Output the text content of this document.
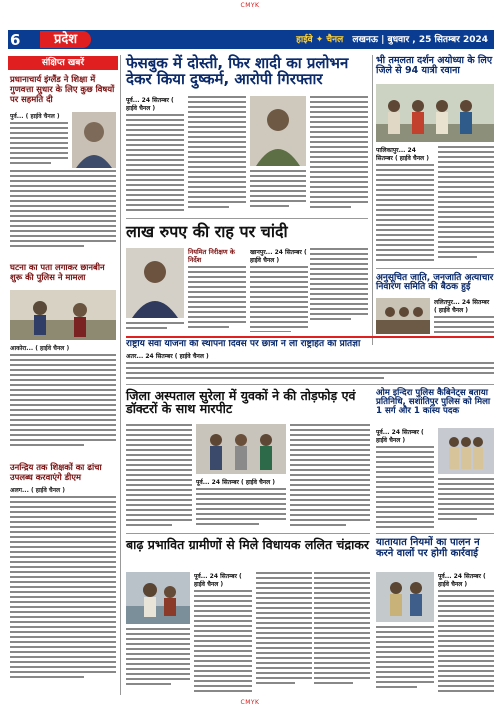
CMYK
6	प्रदेश	हाईवे ✦ चैनल लखनऊ | बुधवार , 25 सितम्बर 2024
संक्षिप्त खबरें
प्रधानाचार्य इंग्लैंड ने शिक्षा में गुणवत्ता सुधार के लिए कुछ विषयों पर सहमति दी
पुर्व... ( हाईवे चैनल )
घटना का पता लगाकर छानबीन शुरू की पुलिस ने मामला
आकोरा... ( हाईवे चैनल )
उनन्द्रिय तक शिक्षकों का ढांचा उपलब्ध करवाएंगे डीएम
अलग... ( हाईवे चैनल )
फेसबुक में दोस्ती, फिर शादी का प्रलोभन देकर किया दुष्कर्म, आरोपी गिरफ्तार
पूर्व... 24 सितम्बर ( हाईवे चैनल )
लाख रुपए की राह पर चांदी
नियमित निरीक्षण के निर्देश
खानपुर... 24 सितम्बर ( हाईवे चैनल )
राष्ट्रीय सेवा योजना की स्थापना दिवस पर छात्रों ने ली राष्ट्रहित की प्रतिज्ञा
अतर... 24 सितम्बर ( हाईवे चैनल )
जिला अस्पताल सुरेला में युवकों ने की तोड़फोड़ एवं डॉक्टरों के साथ मारपीट
पूर्व... 24 सितम्बर ( हाईवे चैनल )
बाढ़ प्रभावित ग्रामीणों से मिले विधायक ललित चंद्राकर
पूर्व... 24 सितम्बर ( हाईवे चैनल )
भी तमलता दर्शन अयोध्या के लिए जिले से 94 यात्री रवाना
पालिकापुर... 24 सितम्बर ( हाईवे चैनल )
अनुसूचित जाति, जनजाति अत्याचार निवारण समिति की बैठक हुई
ललितपुर... 24 सितम्बर ( हाईवे चैनल )
ओम इन्दिरा पुलिस कैबिनेट्स बताया प्रतिनिधि, सशांतिपुर पुलिस को मिला 1 सर्ग और 1 कांस्य पदक
पूर्व... 24 सितम्बर ( हाईवे चैनल )
यातायात नियमों का पालन न करने वालों पर होगी कार्रवाई
पूर्व... 24 सितम्बर ( हाईवे चैनल )
CMYK
